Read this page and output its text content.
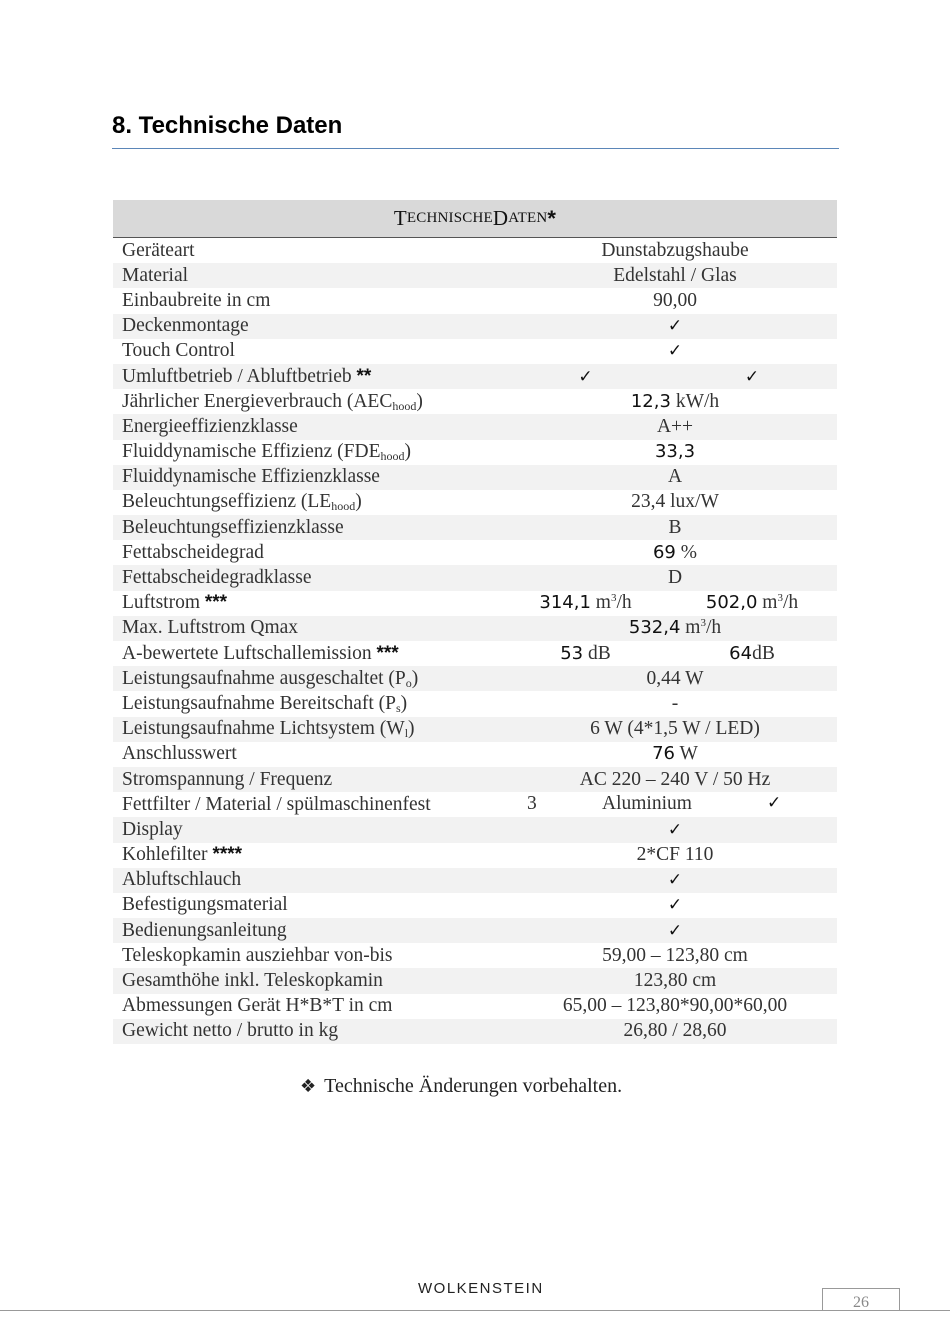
8. Technische Daten
T ECHNISCHE D ATEN *
Geräteart	Dunstabzugshaube
Material	Edelstahl / Glas
Einbaubreite in cm	90,00
Deckenmontage	✓
Touch Control	✓
Umluftbetrieb / Abluftbetrieb **	✓	✓
Jährlicher Energieverbrauch $(AEC_{hood})$	12,3 kW/h
Energieeffizienzklasse	A++
Fluiddynamische Effizienz $(FDE_{hood})$	33,3
Fluiddynamische Effizienzklasse	A
Beleuchtungseffizienz $(LE_{hood})$	23,4 lux/W
Beleuchtungseffizienzklasse	B
Fettabscheidegrad	69 %
Fettabscheidegradklasse	D
Luftstrom ***	314,1 $m^3/h$	502,0 $m^3/h$
Max. Luftstrom Qmax	532,4 $m^3/h$
A-bewertete Luftschallemission ***	53 dB	64dB
Leistungsaufnahme ausgeschaltet $(P_o)$	0,44 W
Leistungsaufnahme Bereitschaft $(P_s)$	-
Leistungsaufnahme Lichtsystem $(W_l)$	6 W (4*1,5 W / LED)
Anschlusswert	76 W
Stromspannung / Frequenz	AC 220 – 240 V / 50 Hz
Fettfilter / Material / spülmaschinenfest	3	Aluminium	✓
Display	✓
Kohlefilter ****	2*CF 110
Abluftschlauch	✓
Befestigungsmaterial	✓
Bedienungsanleitung	✓
Teleskopkamin ausziehbar von-bis	59,00 – 123,80 cm
Gesamthöhe inkl. Teleskopkamin	123,80 cm
Abmessungen Gerät H*B*T in cm	65,00 – 123,80*90,00*60,00
Gewicht netto / brutto in kg	26,80 / 28,60
❖ Technische Änderungen vorbehalten.
WOLKENSTEIN
26
